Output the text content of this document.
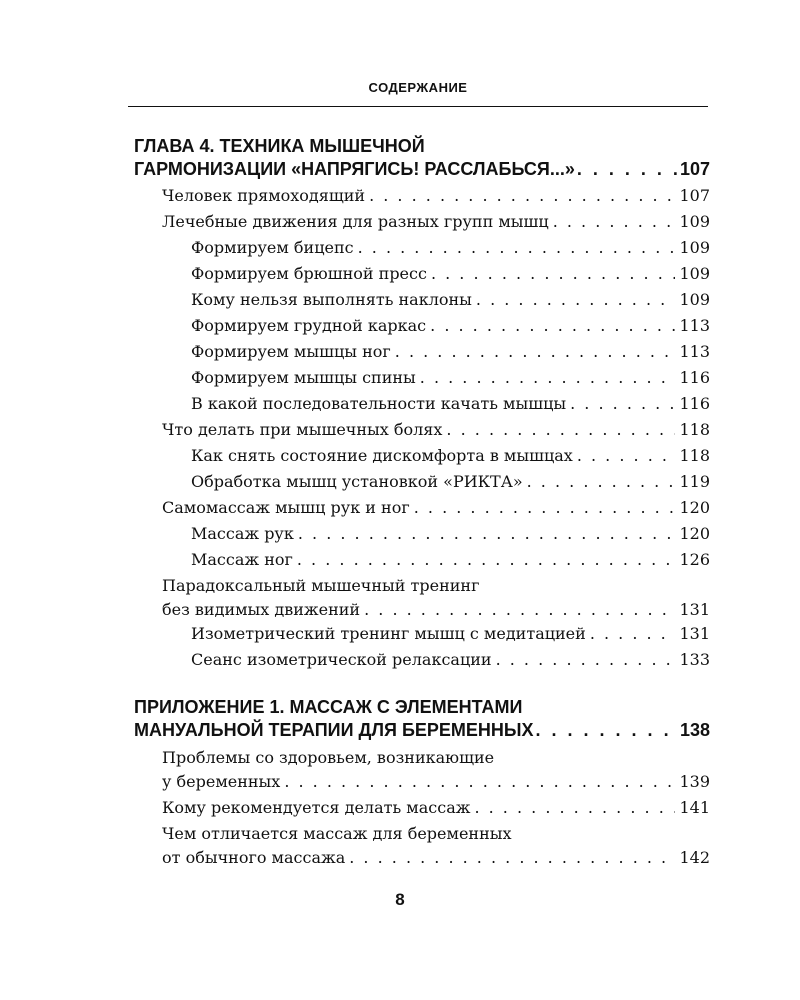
СОДЕРЖАНИЕ
ГЛАВА 4. ТЕХНИКА МЫШЕЧНОЙ
ГАРМОНИЗАЦИИ «НАПРЯГИСЬ! РАССЛАБЬСЯ...» . . .	107
Человек прямоходящий . . .	107
Лечебные движения для разных групп мышц . . .	109
Формируем бицепс . . .	109
Формируем брюшной пресс . . .	109
Кому нельзя выполнять наклоны . . .	109
Формируем грудной каркас . . .	113
Формируем мышцы ног . . .	113
Формируем мышцы спины . . .	116
В какой последовательности качать мышцы . . .	116
Что делать при мышечных болях . . .	118
Как снять состояние дискомфорта в мышцах . . .	118
Обработка мышц установкой «РИКТА» . . .	119
Самомассаж мышц рук и ног . . .	120
Массаж рук . . .	120
Массаж ног . . .	126
Парадоксальный мышечный тренинг
без видимых движений . . .	131
Изометрический тренинг мышц с медитацией . . .	131
Сеанс изометрической релаксации . . .	133
ПРИЛОЖЕНИЕ 1. МАССАЖ С ЭЛЕМЕНТАМИ
МАНУАЛЬНОЙ ТЕРАПИИ ДЛЯ БЕРЕМЕННЫХ . . .	138
Проблемы со здоровьем, возникающие
у беременных . . .	139
Кому рекомендуется делать массаж . . .	141
Чем отличается массаж для беременных
от обычного массажа . . .	142
8
